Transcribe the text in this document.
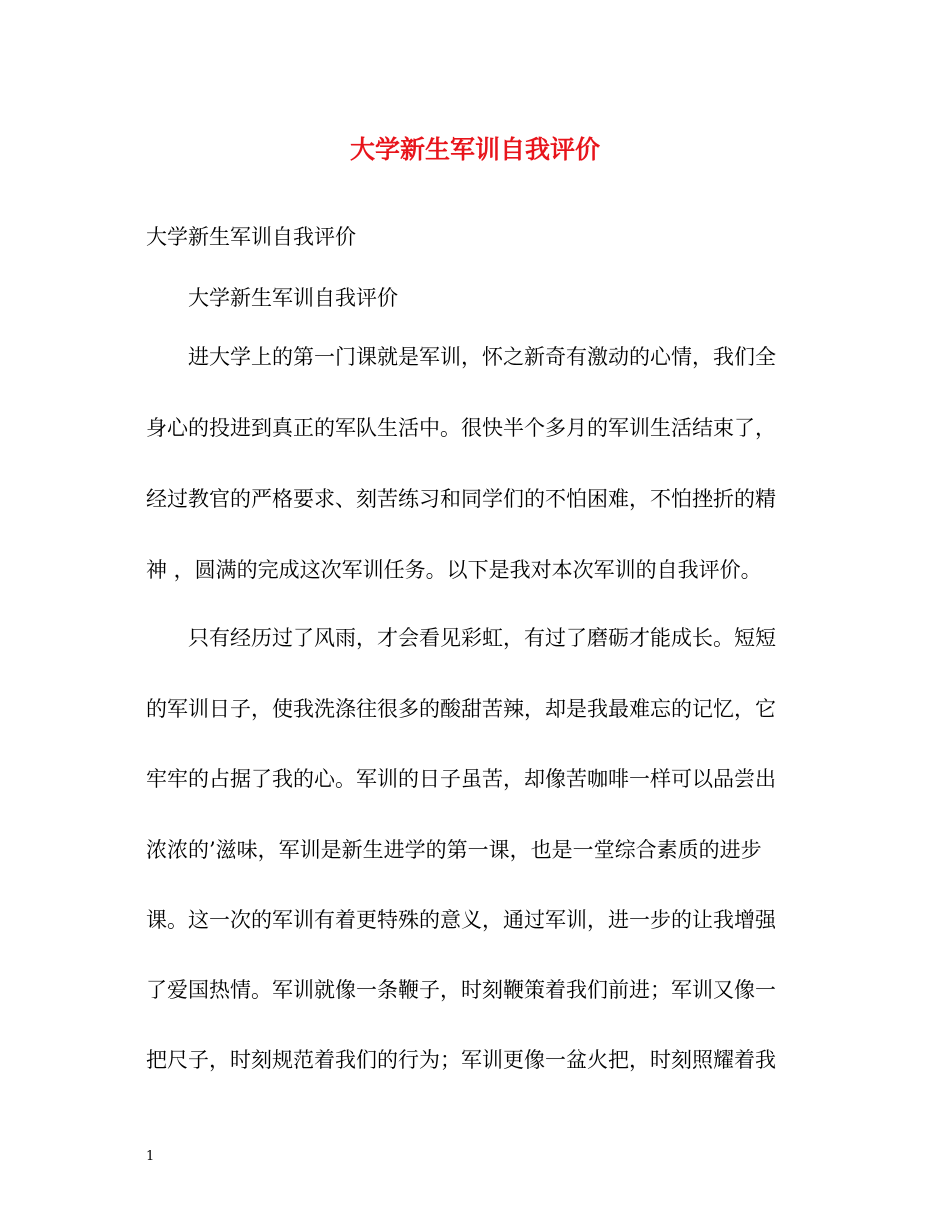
大学新生军训自我评价
大学新生军训自我评价
大学新生军训自我评价
进大学上的第一门课就是军训，怀之新奇有激动的心情，我们全
身心的投进到真正的军队生活中。很快半个多月的军训生活结束了，
经过教官的严格要求、刻苦练习和同学们的不怕困难，不怕挫折的精
神 ，圆满的完成这次军训任务。以下是我对本次军训的自我评价。
只有经历过了风雨，才会看见彩虹，有过了磨砺才能成长。短短
的军训日子，使我洗涤往很多的酸甜苦辣，却是我最难忘的记忆，它
牢牢的占据了我的心。军训的日子虽苦，却像苦咖啡一样可以品尝出
浓浓的’滋味，军训是新生进学的第一课，也是一堂综合素质的进步
课。这一次的军训有着更特殊的意义，通过军训，进一步的让我增强
了爱国热情。军训就像一条鞭子，时刻鞭策着我们前进；军训又像一
把尺子，时刻规范着我们的行为；军训更像一盆火把，时刻照耀着我
1
